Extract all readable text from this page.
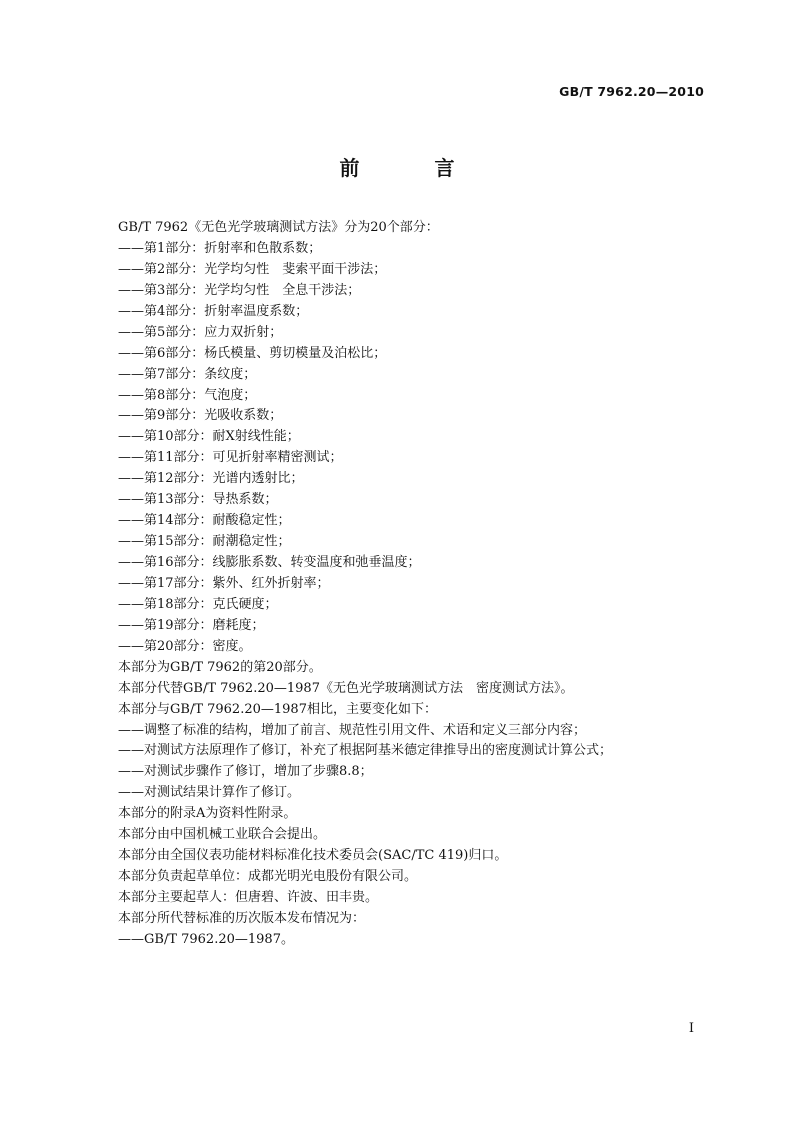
GB/T 7962.20—2010
前 言
GB/T 7962《无色光学玻璃测试方法》分为20个部分：
——第1部分：折射率和色散系数；
——第2部分：光学均匀性　斐索平面干涉法；
——第3部分：光学均匀性　全息干涉法；
——第4部分：折射率温度系数；
——第5部分：应力双折射；
——第6部分：杨氏模量、剪切模量及泊松比；
——第7部分：条纹度；
——第8部分：气泡度；
——第9部分：光吸收系数；
——第10部分：耐X射线性能；
——第11部分：可见折射率精密测试；
——第12部分：光谱内透射比；
——第13部分：导热系数；
——第14部分：耐酸稳定性；
——第15部分：耐潮稳定性；
——第16部分：线膨胀系数、转变温度和弛垂温度；
——第17部分：紫外、红外折射率；
——第18部分：克氏硬度；
——第19部分：磨耗度；
——第20部分：密度。
本部分为GB/T 7962的第20部分。
本部分代替GB/T 7962.20—1987《无色光学玻璃测试方法　密度测试方法》。
本部分与GB/T 7962.20—1987相比，主要变化如下：
——调整了标准的结构，增加了前言、规范性引用文件、术语和定义三部分内容；
——对测试方法原理作了修订，补充了根据阿基米德定律推导出的密度测试计算公式；
——对测试步骤作了修订，增加了步骤8.8；
——对测试结果计算作了修订。
本部分的附录A为资料性附录。
本部分由中国机械工业联合会提出。
本部分由全国仪表功能材料标准化技术委员会(SAC/TC 419)归口。
本部分负责起草单位：成都光明光电股份有限公司。
本部分主要起草人：但唐碧、许波、田丰贵。
本部分所代替标准的历次版本发布情况为：
——GB/T 7962.20—1987。
I
